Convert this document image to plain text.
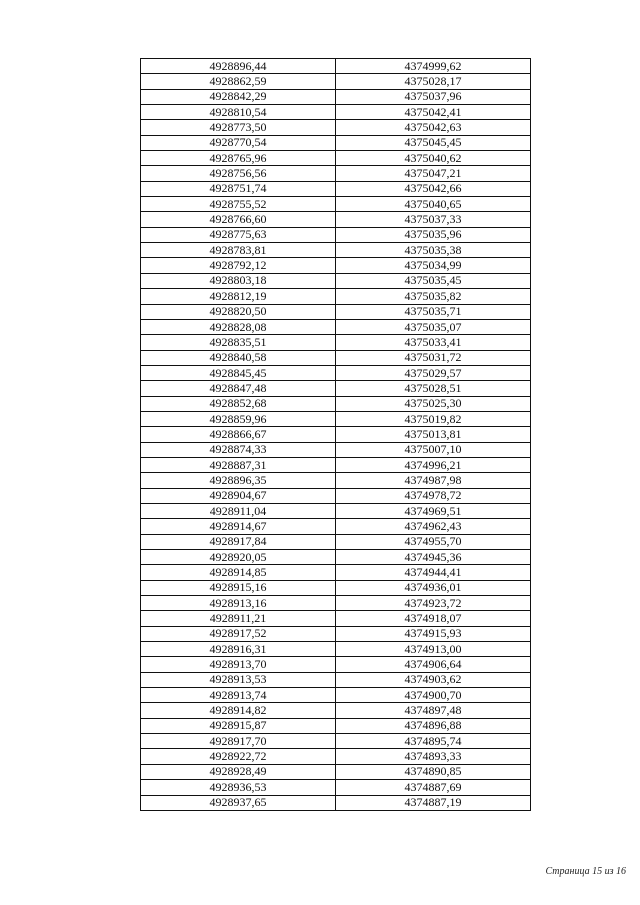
4928896,44	4374999,62
4928862,59	4375028,17
4928842,29	4375037,96
4928810,54	4375042,41
4928773,50	4375042,63
4928770,54	4375045,45
4928765,96	4375040,62
4928756,56	4375047,21
4928751,74	4375042,66
4928755,52	4375040,65
4928766,60	4375037,33
4928775,63	4375035,96
4928783,81	4375035,38
4928792,12	4375034,99
4928803,18	4375035,45
4928812,19	4375035,82
4928820,50	4375035,71
4928828,08	4375035,07
4928835,51	4375033,41
4928840,58	4375031,72
4928845,45	4375029,57
4928847,48	4375028,51
4928852,68	4375025,30
4928859,96	4375019,82
4928866,67	4375013,81
4928874,33	4375007,10
4928887,31	4374996,21
4928896,35	4374987,98
4928904,67	4374978,72
4928911,04	4374969,51
4928914,67	4374962,43
4928917,84	4374955,70
4928920,05	4374945,36
4928914,85	4374944,41
4928915,16	4374936,01
4928913,16	4374923,72
4928911,21	4374918,07
4928917,52	4374915,93
4928916,31	4374913,00
4928913,70	4374906,64
4928913,53	4374903,62
4928913,74	4374900,70
4928914,82	4374897,48
4928915,87	4374896,88
4928917,70	4374895,74
4928922,72	4374893,33
4928928,49	4374890,85
4928936,53	4374887,69
4928937,65	4374887,19
Страница 15 из 16
